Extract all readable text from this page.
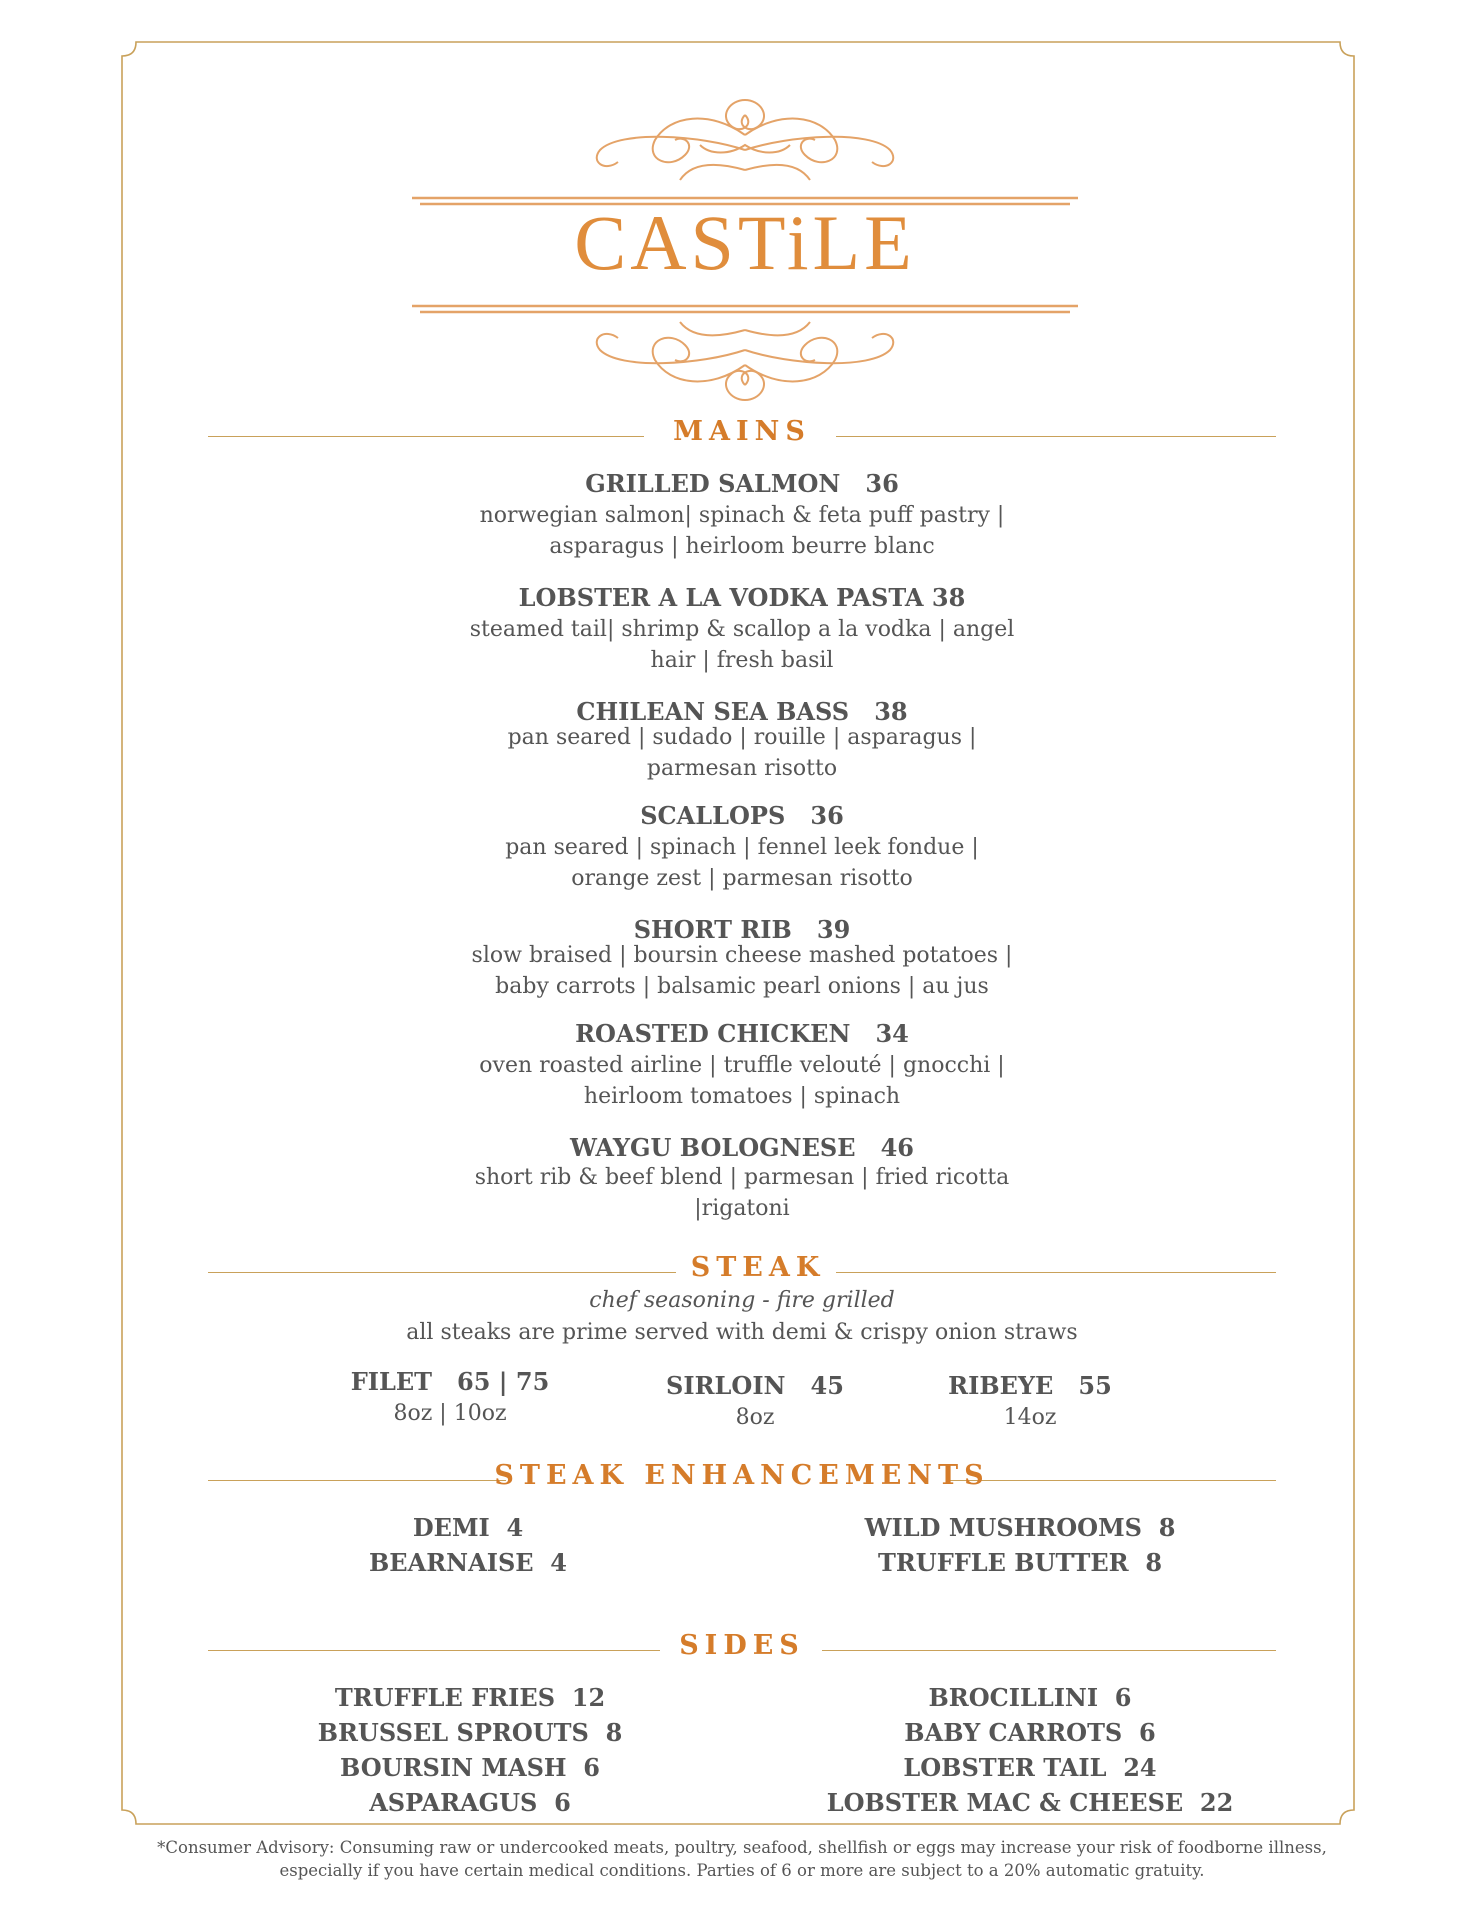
CASTiLE
MAINS
GRILLED SALMON   36
norwegian salmon| spinach & feta puff pastry |
asparagus | heirloom beurre blanc
LOBSTER A LA VODKA PASTA 38
steamed tail| shrimp & scallop a la vodka | angel
hair | fresh basil
CHILEAN SEA BASS   38
pan seared | sudado | rouille | asparagus |
parmesan risotto
SCALLOPS   36
pan seared | spinach | fennel leek fondue |
orange zest | parmesan risotto
SHORT RIB   39
slow braised | boursin cheese mashed potatoes |
baby carrots | balsamic pearl onions | au jus
ROASTED CHICKEN   34
oven roasted airline | truffle velouté | gnocchi |
heirloom tomatoes | spinach
WAYGU BOLOGNESE   46
short rib & beef blend | parmesan | fried ricotta
|rigatoni
STEAK
chef seasoning - fire grilled
all steaks are prime served with demi & crispy onion straws
FILET   65 | 75
8oz | 10oz
SIRLOIN   45
8oz
RIBEYE   55
14oz
STEAK ENHANCEMENTS
DEMI  4
BEARNAISE  4
WILD MUSHROOMS  8
TRUFFLE BUTTER  8
SIDES
TRUFFLE FRIES  12
BRUSSEL SPROUTS  8
BOURSIN MASH  6
ASPARAGUS  6
BROCILLINI  6
BABY CARROTS  6
LOBSTER TAIL  24
LOBSTER MAC & CHEESE  22
*Consumer Advisory: Consuming raw or undercooked meats, poultry, seafood, shellfish or eggs may increase your risk of foodborne illness,
especially if you have certain medical conditions. Parties of 6 or more are subject to a 20% automatic gratuity.
